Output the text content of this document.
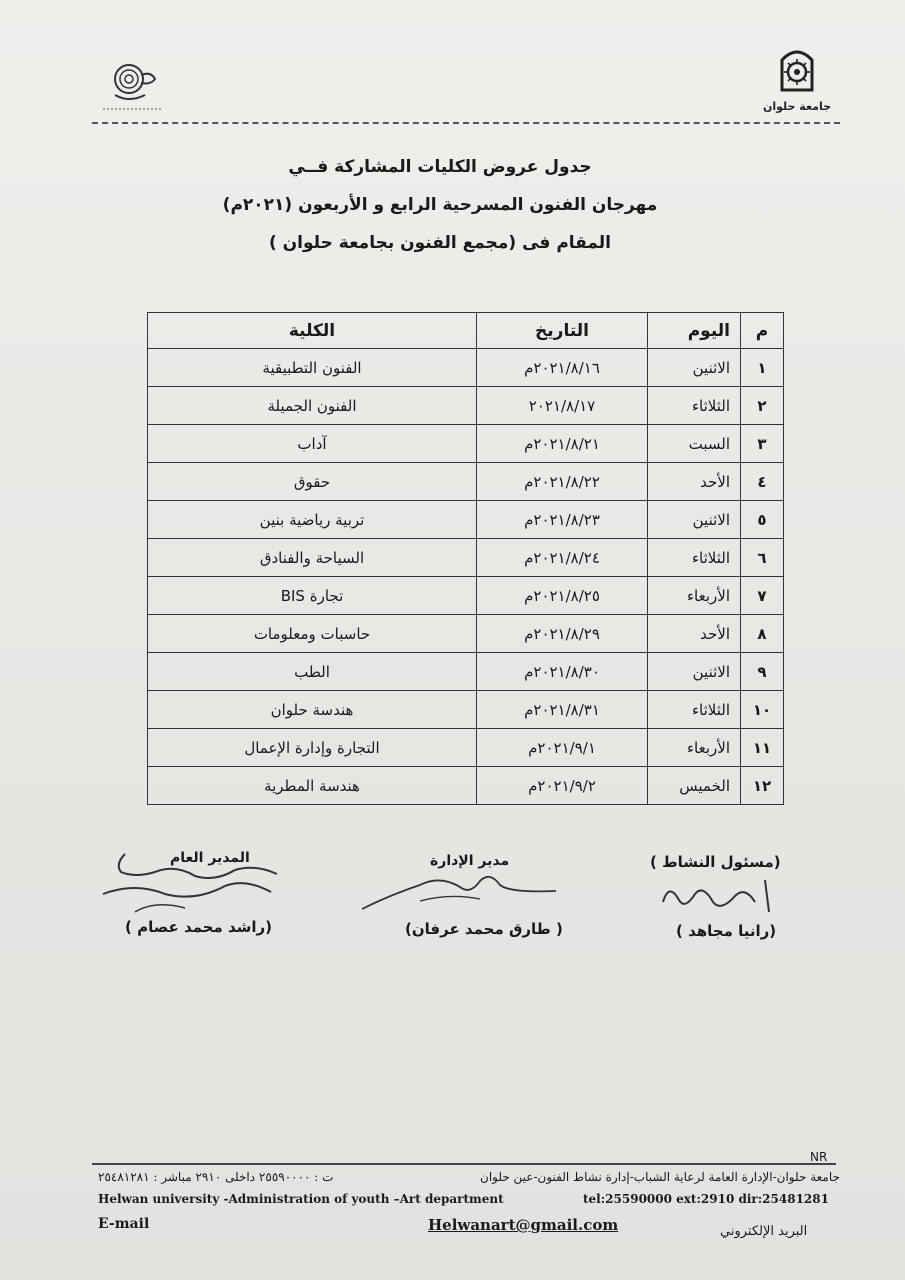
جامعة حلوان
جدول عروض الكليات المشاركة فــي
مهرجان الفنون المسرحية الرابع و الأربعون (٢٠٢١م)
المقام فى (مجمع الفنون بجامعة حلوان )
م	اليوم	التاريخ	الكلية
١	الاثنين	٢٠٢١/٨/١٦م	الفنون التطبيقية
٢	الثلاثاء	٢٠٢١/٨/١٧	الفنون الجميلة
٣	السبت	٢٠٢١/٨/٢١م	آداب
٤	الأحد	٢٠٢١/٨/٢٢م	حقوق
٥	الاثنين	٢٠٢١/٨/٢٣م	تربية رياضية بنين
٦	الثلاثاء	٢٠٢١/٨/٢٤م	السياحة والفنادق
٧	الأربعاء	٢٠٢١/٨/٢٥م	تجارة BIS
٨	الأحد	٢٠٢١/٨/٢٩م	حاسبات ومعلومات
٩	الاثنين	٢٠٢١/٨/٣٠م	الطب
١٠	الثلاثاء	٢٠٢١/٨/٣١م	هندسة حلوان
١١	الأربعاء	٢٠٢١/٩/١م	التجارة وإدارة الإعمال
١٢	الخميس	٢٠٢١/٩/٢م	هندسة المطرية
المدير العام
(راشد محمد عصام )
مدير الإدارة
( طارق محمد عرفان)
(مسئول النشاط )
(رانيا مجاهد )
NR
جامعة حلوان-الإدارة العامة لرعاية الشباب-إدارة نشاط الفنون-عين حلوان
ت : ٢٥٥٩٠٠٠٠ داخلى ٢٩١٠ مباشر : ٢٥٤٨١٢٨١
Helwan university -Administration of youth –Art department	tel:25590000 ext:2910 dir:25481281
E-mail	Helwanart@gmail.com	البريد الإلكتروني
